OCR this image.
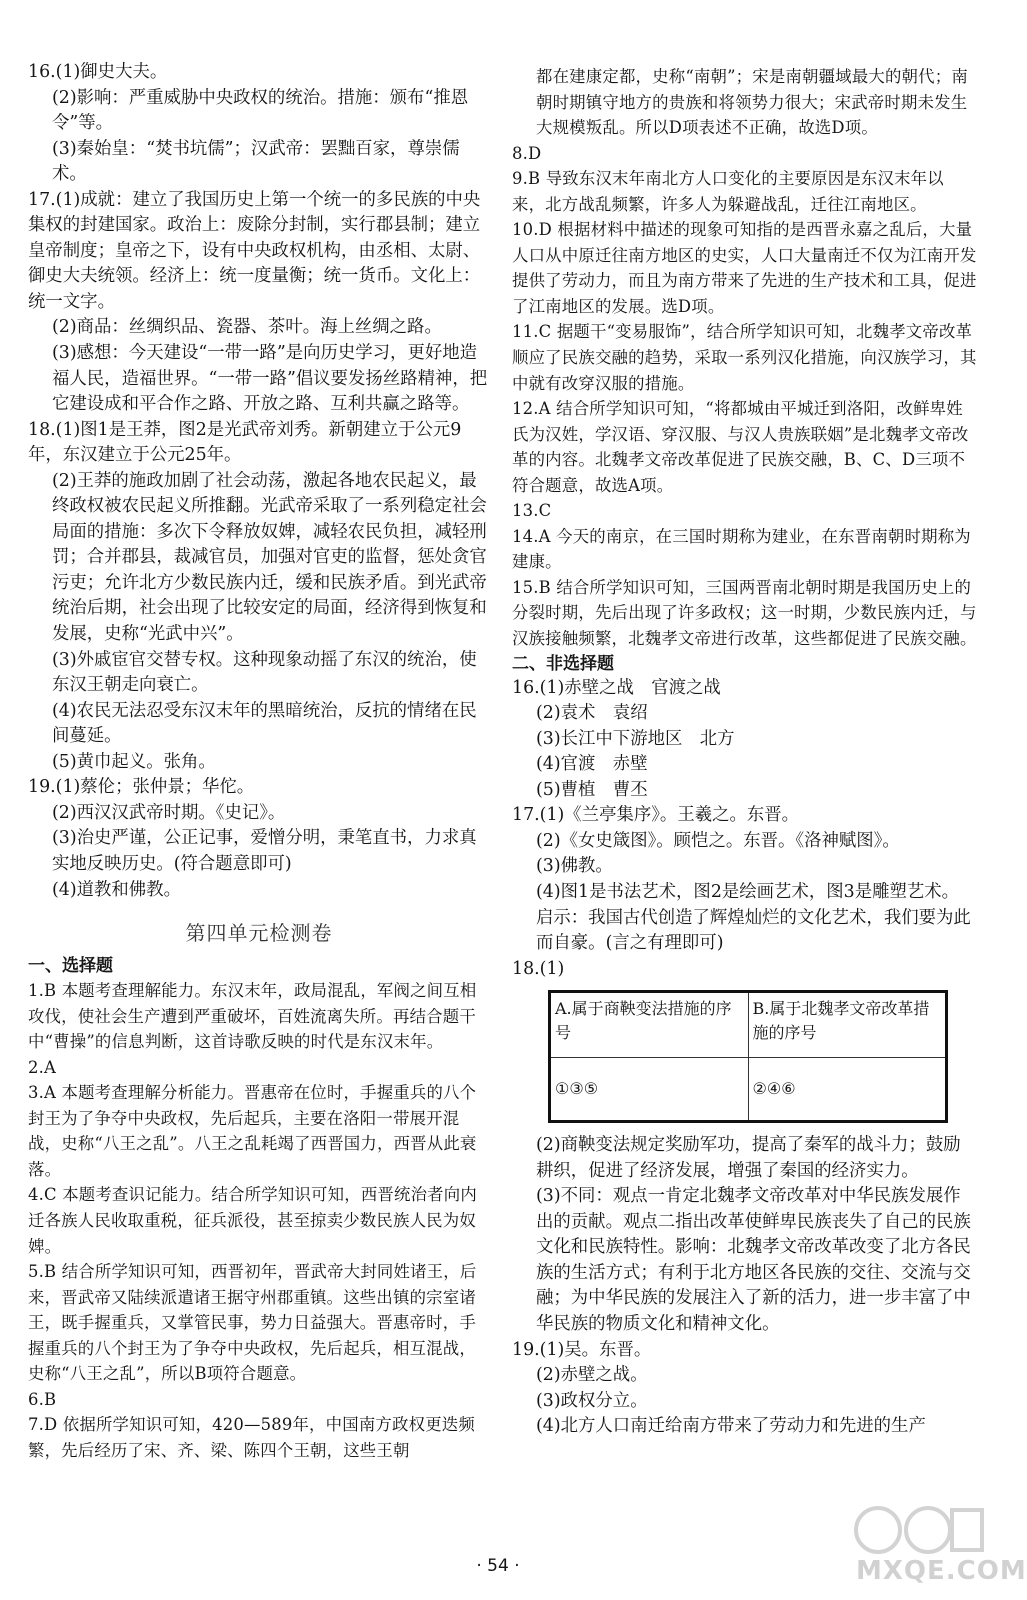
16.(1)御史大夫。
(2)影响：严重威胁中央政权的统治。措施：颁布“推恩令”等。
(3)秦始皇：“焚书坑儒”；汉武帝：罢黜百家，尊崇儒术。
17.(1)成就：建立了我国历史上第一个统一的多民族的中央集权的封建国家。政治上：废除分封制，实行郡县制；建立皇帝制度；皇帝之下，设有中央政权机构，由丞相、太尉、御史大夫统领。经济上：统一度量衡；统一货币。文化上：统一文字。
(2)商品：丝绸织品、瓷器、茶叶。海上丝绸之路。
(3)感想：今天建设“一带一路”是向历史学习，更好地造福人民，造福世界。“一带一路”倡议要发扬丝路精神，把它建设成和平合作之路、开放之路、互利共赢之路等。
18.(1)图1是王莽，图2是光武帝刘秀。新朝建立于公元9年，东汉建立于公元25年。
(2)王莽的施政加剧了社会动荡，激起各地农民起义，最终政权被农民起义所推翻。光武帝采取了一系列稳定社会局面的措施：多次下令释放奴婢，减轻农民负担，减轻刑罚；合并郡县，裁减官员，加强对官吏的监督，惩处贪官污吏；允许北方少数民族内迁，缓和民族矛盾。到光武帝统治后期，社会出现了比较安定的局面，经济得到恢复和发展，史称“光武中兴”。
(3)外戚宦官交替专权。这种现象动摇了东汉的统治，使东汉王朝走向衰亡。
(4)农民无法忍受东汉末年的黑暗统治，反抗的情绪在民间蔓延。
(5)黄巾起义。张角。
19.(1)蔡伦；张仲景；华佗。
(2)西汉汉武帝时期。《史记》。
(3)治史严谨，公正记事，爱憎分明，秉笔直书，力求真实地反映历史。(符合题意即可)
(4)道教和佛教。
第四单元检测卷
一、选择题
1.B 本题考查理解能力。东汉末年，政局混乱，军阀之间互相攻伐，使社会生产遭到严重破坏，百姓流离失所。再结合题干中“曹操”的信息判断，这首诗歌反映的时代是东汉末年。
2.A
3.A 本题考查理解分析能力。晋惠帝在位时，手握重兵的八个封王为了争夺中央政权，先后起兵，主要在洛阳一带展开混战，史称“八王之乱”。八王之乱耗竭了西晋国力，西晋从此衰落。
4.C 本题考查识记能力。结合所学知识可知，西晋统治者向内迁各族人民收取重税，征兵派役，甚至掠卖少数民族人民为奴婢。
5.B 结合所学知识可知，西晋初年，晋武帝大封同姓诸王，后来，晋武帝又陆续派遣诸王据守州郡重镇。这些出镇的宗室诸王，既手握重兵，又掌管民事，势力日益强大。晋惠帝时，手握重兵的八个封王为了争夺中央政权，先后起兵，相互混战，史称“八王之乱”，所以B项符合题意。
6.B
7.D 依据所学知识可知，420—589年，中国南方政权更迭频繁，先后经历了宋、齐、梁、陈四个王朝，这些王朝
都在建康定都，史称“南朝”；宋是南朝疆域最大的朝代；南朝时期镇守地方的贵族和将领势力很大；宋武帝时期未发生大规模叛乱。所以D项表述不正确，故选D项。
8.D
9.B 导致东汉末年南北方人口变化的主要原因是东汉末年以来，北方战乱频繁，许多人为躲避战乱，迁往江南地区。
10.D 根据材料中描述的现象可知指的是西晋永嘉之乱后，大量人口从中原迁往南方地区的史实，人口大量南迁不仅为江南开发提供了劳动力，而且为南方带来了先进的生产技术和工具，促进了江南地区的发展。选D项。
11.C 据题干“变易服饰”，结合所学知识可知，北魏孝文帝改革顺应了民族交融的趋势，采取一系列汉化措施，向汉族学习，其中就有改穿汉服的措施。
12.A 结合所学知识可知，“将都城由平城迁到洛阳，改鲜卑姓氏为汉姓，学汉语、穿汉服、与汉人贵族联姻”是北魏孝文帝改革的内容。北魏孝文帝改革促进了民族交融，B、C、D三项不符合题意，故选A项。
13.C
14.A 今天的南京，在三国时期称为建业，在东晋南朝时期称为建康。
15.B 结合所学知识可知，三国两晋南北朝时期是我国历史上的分裂时期，先后出现了许多政权；这一时期，少数民族内迁，与汉族接触频繁，北魏孝文帝进行改革，这些都促进了民族交融。
二、非选择题
16.(1)赤壁之战　官渡之战
(2)袁术　袁绍
(3)长江中下游地区　北方
(4)官渡　赤壁
(5)曹植　曹丕
17.(1)《兰亭集序》。王羲之。东晋。
(2)《女史箴图》。顾恺之。东晋。《洛神赋图》。
(3)佛教。
(4)图1是书法艺术，图2是绘画艺术，图3是雕塑艺术。
启示：我国古代创造了辉煌灿烂的文化艺术，我们要为此而自豪。(言之有理即可)
18.(1)
A.属于商鞅变法措施的序号	B.属于北魏孝文帝改革措施的序号
①③⑤	②④⑥
(2)商鞅变法规定奖励军功，提高了秦军的战斗力；鼓励耕织，促进了经济发展，增强了秦国的经济实力。
(3)不同：观点一肯定北魏孝文帝改革对中华民族发展作出的贡献。观点二指出改革使鲜卑民族丧失了自己的民族文化和民族特性。影响：北魏孝文帝改革改变了北方各民族的生活方式；有利于北方地区各民族的交往、交流与交融；为中华民族的发展注入了新的活力，进一步丰富了中华民族的物质文化和精神文化。
19.(1)吴。东晋。
(2)赤壁之战。
(3)政权分立。
(4)北方人口南迁给南方带来了劳动力和先进的生产
· 54 ·	MXQE.COM
